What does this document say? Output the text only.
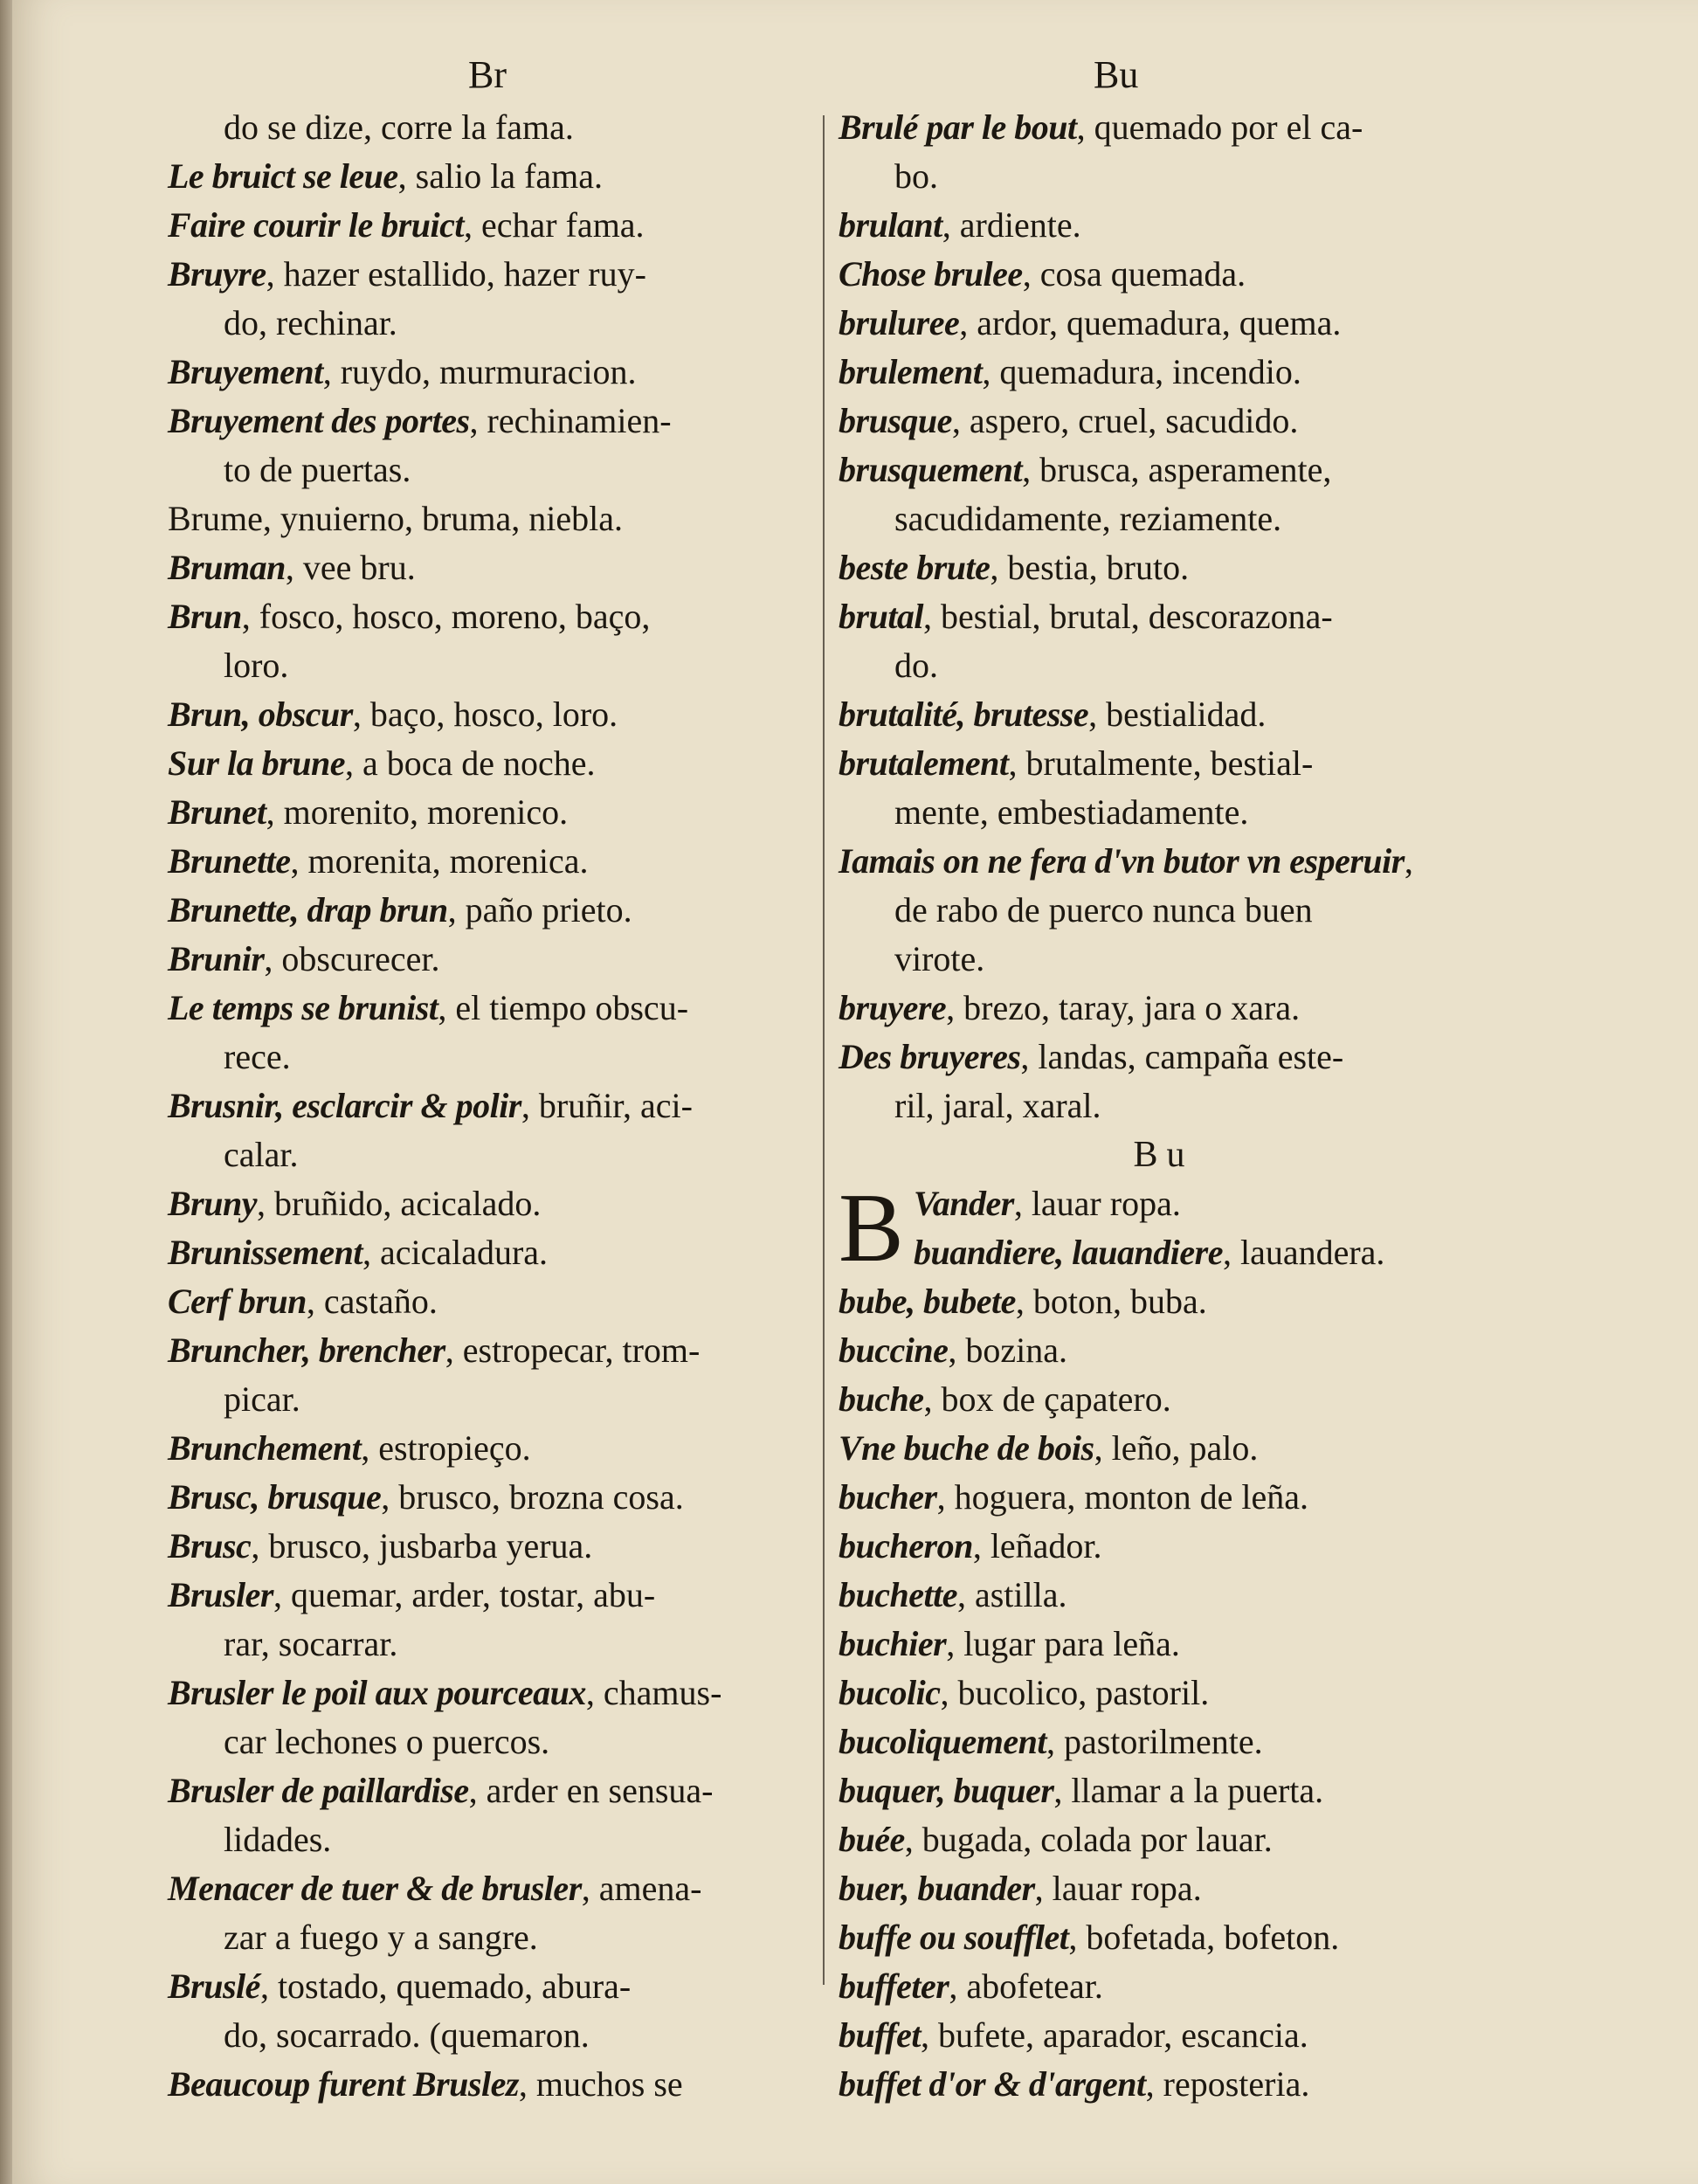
Br	Bu
do se dize, corre la fama.
Le bruict se leue, salio la fama.
Faire courir le bruict, echar fama.
Bruyre, hazer estallido, hazer ruy-
do, rechinar.
Bruyement, ruydo, murmuracion.
Bruyement des portes, rechinamien-
to de puertas.
Brume, ynuierno, bruma, niebla.
Bruman, vee bru.
Brun, fosco, hosco, moreno, baço,
loro.
Brun, obscur, baço, hosco, loro.
Sur la brune, a boca de noche.
Brunet, morenito, morenico.
Brunette, morenita, morenica.
Brunette, drap brun, paño prieto.
Brunir, obscurecer.
Le temps se brunist, el tiempo obscu-
rece.
Brusnir, esclarcir & polir, bruñir, aci-
calar.
Bruny, bruñido, acicalado.
Brunissement, acicaladura.
Cerf brun, castaño.
Bruncher, brencher, estropecar, trom-
picar.
Brunchement, estropieço.
Brusc, brusque, brusco, brozna cosa.
Brusc, brusco, jusbarba yerua.
Brusler, quemar, arder, tostar, abu-
rar, socarrar.
Brusler le poil aux pourceaux, chamus-
car lechones o puercos.
Brusler de paillardise, arder en sensua-
lidades.
Menacer de tuer & de brusler, amena-
zar a fuego y a sangre.
Bruslé, tostado, quemado, abura-
do, socarrado. (quemaron.
Beaucoup furent Bruslez, muchos se
Brulé par le bout, quemado por el ca-
bo.
brulant, ardiente.
Chose brulee, cosa quemada.
bruluree, ardor, quemadura, quema.
brulement, quemadura, incendio.
brusque, aspero, cruel, sacudido.
brusquement, brusca, asperamente,
sacudidamente, reziamente.
beste brute, bestia, bruto.
brutal, bestial, brutal, descorazona-
do.
brutalité, brutesse, bestialidad.
brutalement, brutalmente, bestial-
mente, embestiadamente.
Iamais on ne fera d'vn butor vn esperuir,
de rabo de puerco nunca buen
virote.
bruyere, brezo, taray, jara o xara.
Des bruyeres, landas, campaña este-
ril, jaral, xaral.
Bu
B Vander, lauar ropa.
buandiere, lauandiere, lauandera.
bube, bubete, boton, buba.
buccine, bozina.
buche, box de çapatero.
Vne buche de bois, leño, palo.
bucher, hoguera, monton de leña.
bucheron, leñador.
buchette, astilla.
buchier, lugar para leña.
bucolic, bucolico, pastoril.
bucoliquement, pastorilmente.
buquer, buquer, llamar a la puerta.
buée, bugada, colada por lauar.
buer, buander, lauar ropa.
buffe ou soufflet, bofetada, bofeton.
buffeter, abofetear.
buffet, bufete, aparador, escancia.
buffet d'or & d'argent, reposteria.
